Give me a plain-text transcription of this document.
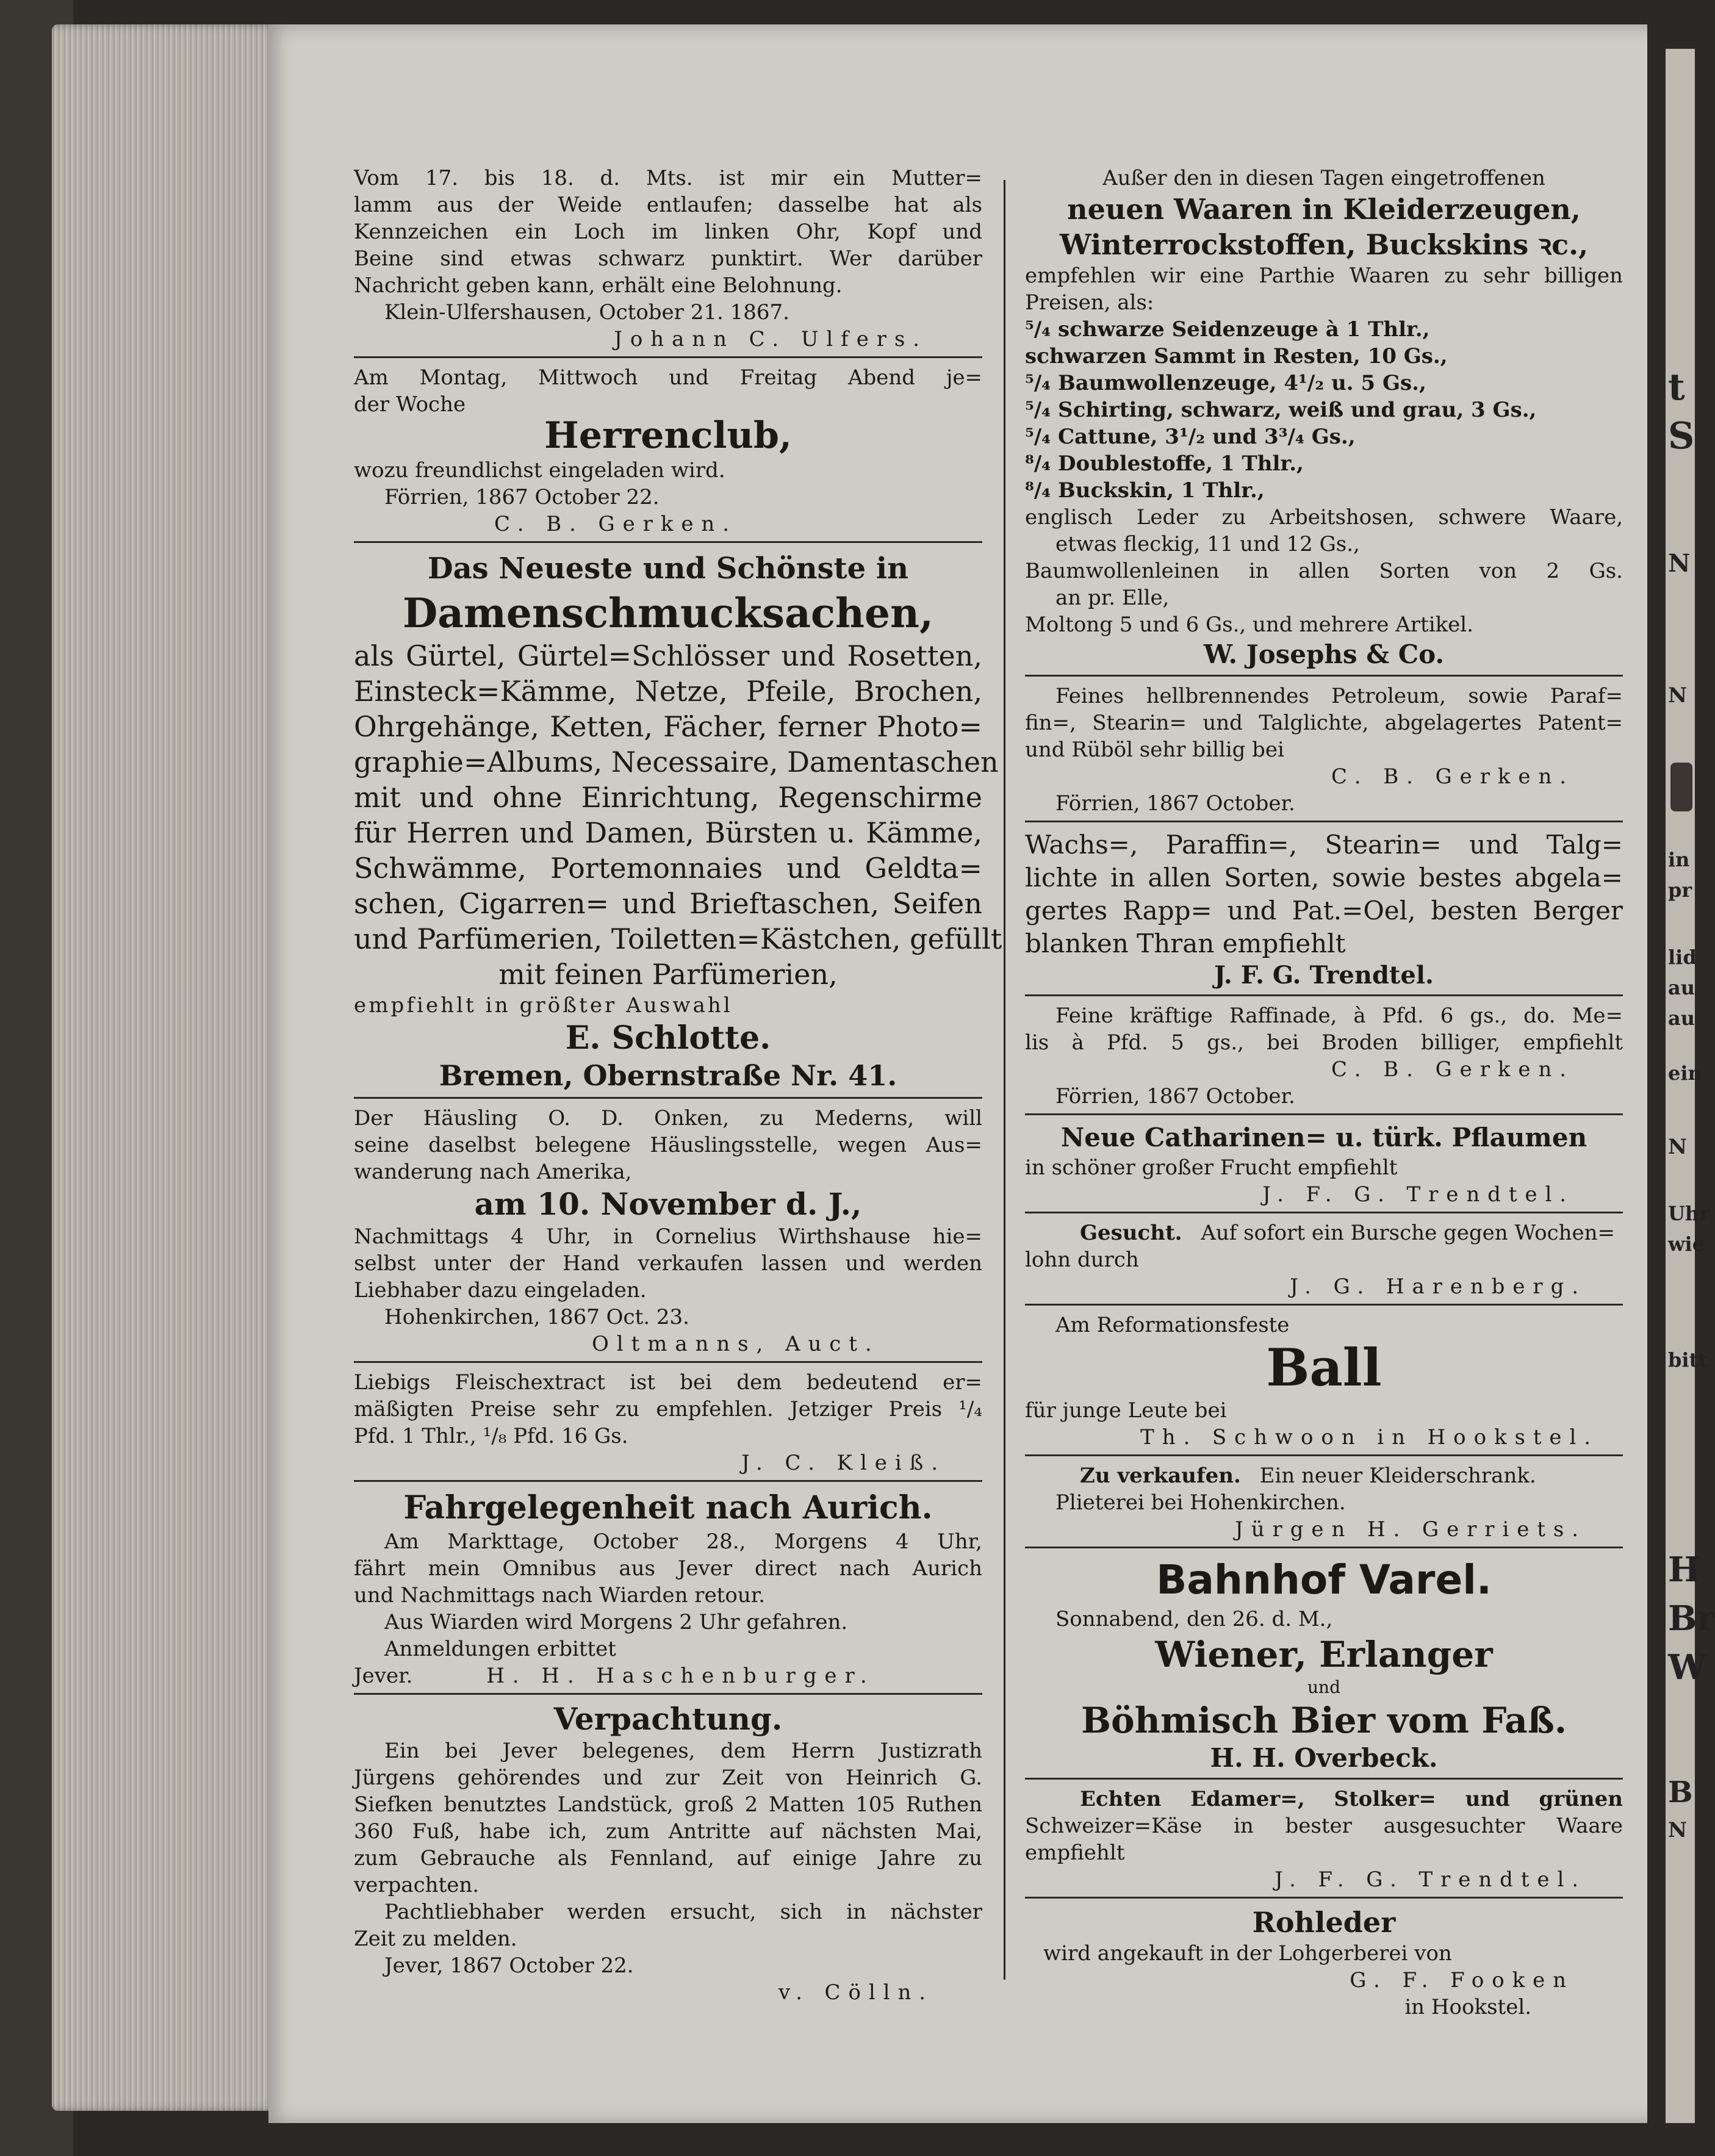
t
S
N
N
in
pr
lid
au
au
ein
N
Uhr
wie
bitt
H
Br
W
B
N
Vom 17. bis 18. d. Mts. ist mir ein Mutter=
lamm aus der Weide entlaufen; dasselbe hat als
Kennzeichen ein Loch im linken Ohr, Kopf und
Beine sind etwas schwarz punktirt. Wer darüber
Nachricht geben kann, erhält eine Belohnung.
Klein-Ulfershausen, October 21. 1867.
Johann C. Ulfers.
Am Montag, Mittwoch und Freitag Abend je=
der Woche
Herrenclub,
wozu freundlichst eingeladen wird.
Förrien, 1867 October 22.
C. B. Gerken.
Das Neueste und Schönste in
Damenschmucksachen,
als Gürtel, Gürtel=Schlösser und Rosetten,
Einsteck=Kämme, Netze, Pfeile, Brochen,
Ohrgehänge, Ketten, Fächer, ferner Photo=
graphie=Albums, Necessaire, Damentaschen
mit und ohne Einrichtung, Regenschirme
für Herren und Damen, Bürsten u. Kämme,
Schwämme, Portemonnaies und Geldta=
schen, Cigarren= und Brieftaschen, Seifen
und Parfümerien, Toiletten=Kästchen, gefüllt
mit feinen Parfümerien,
empfiehlt in größter Auswahl
E. Schlotte.
Bremen, Obernstraße Nr. 41.
Der Häusling O. D. Onken, zu Mederns, will
seine daselbst belegene Häuslingsstelle, wegen Aus=
wanderung nach Amerika,
am 10. November d. J.,
Nachmittags 4 Uhr, in Cornelius Wirthshause hie=
selbst unter der Hand verkaufen lassen und werden
Liebhaber dazu eingeladen.
Hohenkirchen, 1867 Oct. 23.
Oltmanns, Auct.
Liebigs Fleischextract ist bei dem bedeutend er=
mäßigten Preise sehr zu empfehlen. Jetziger Preis ¹/₄
Pfd. 1 Thlr., ¹/₈ Pfd. 16 Gs.
J. C. Kleiß.
Fahrgelegenheit nach Aurich.
Am Markttage, October 28., Morgens 4 Uhr,
fährt mein Omnibus aus Jever direct nach Aurich
und Nachmittags nach Wiarden retour.
Aus Wiarden wird Morgens 2 Uhr gefahren.
Anmeldungen erbittet
Jever.	H. H. Haschenburger.
Verpachtung.
Ein bei Jever belegenes, dem Herrn Justizrath
Jürgens gehörendes und zur Zeit von Heinrich G.
Siefken benutztes Landstück, groß 2 Matten 105 Ruthen
360 Fuß, habe ich, zum Antritte auf nächsten Mai,
zum Gebrauche als Fennland, auf einige Jahre zu
verpachten.
Pachtliebhaber werden ersucht, sich in nächster
Zeit zu melden.
Jever, 1867 October 22.
v. Cölln.
Außer den in diesen Tagen eingetroffenen
neuen Waaren in Kleiderzeugen,
Winterrockstoffen, Buckskins ꝛc.,
empfehlen wir eine Parthie Waaren zu sehr billigen
Preisen, als:
⁵/₄ schwarze Seidenzeuge à 1 Thlr.,
schwarzen Sammt in Resten, 10 Gs.,
⁵/₄ Baumwollenzeuge, 4¹/₂ u. 5 Gs.,
⁵/₄ Schirting, schwarz, weiß und grau, 3 Gs.,
⁵/₄ Cattune, 3¹/₂ und 3³/₄ Gs.,
⁸/₄ Doublestoffe, 1 Thlr.,
⁸/₄ Buckskin, 1 Thlr.,
englisch Leder zu Arbeitshosen, schwere Waare,
etwas fleckig, 11 und 12 Gs.,
Baumwollenleinen in allen Sorten von 2 Gs.
an pr. Elle,
Moltong 5 und 6 Gs., und mehrere Artikel.
W. Josephs & Co.
Feines hellbrennendes Petroleum, sowie Paraf=
fin=, Stearin= und Talglichte, abgelagertes Patent=
und Rüböl sehr billig bei
C. B. Gerken.
Förrien, 1867 October.
Wachs=, Paraffin=, Stearin= und Talg=
lichte in allen Sorten, sowie bestes abgela=
gertes Rapp= und Pat.=Oel, besten Berger
blanken Thran empfiehlt
J. F. G. Trendtel.
Feine kräftige Raffinade, à Pfd. 6 gs., do. Me=
lis à Pfd. 5 gs., bei Broden billiger, empfiehlt
C. B. Gerken.
Förrien, 1867 October.
Neue Catharinen= u. türk. Pflaumen
in schöner großer Frucht empfiehlt
J. F. G. Trendtel.
Gesucht. Auf sofort ein Bursche gegen Wochen=
lohn durch
J. G. Harenberg.
Am Reformationsfeste
Ball
für junge Leute bei
Th. Schwoon in Hookstel.
Zu verkaufen. Ein neuer Kleiderschrank.
Plieterei bei Hohenkirchen.
Jürgen H. Gerriets.
Bahnhof Varel.
Sonnabend, den 26. d. M.,
Wiener, Erlanger
und
Böhmisch Bier vom Faß.
H. H. Overbeck.
Echten Edamer=, Stolker= und grünen
Schweizer=Käse in bester ausgesuchter Waare
empfiehlt
J. F. G. Trendtel.
Rohleder
wird angekauft in der Lohgerberei von
G. F. Fooken
in Hookstel.
